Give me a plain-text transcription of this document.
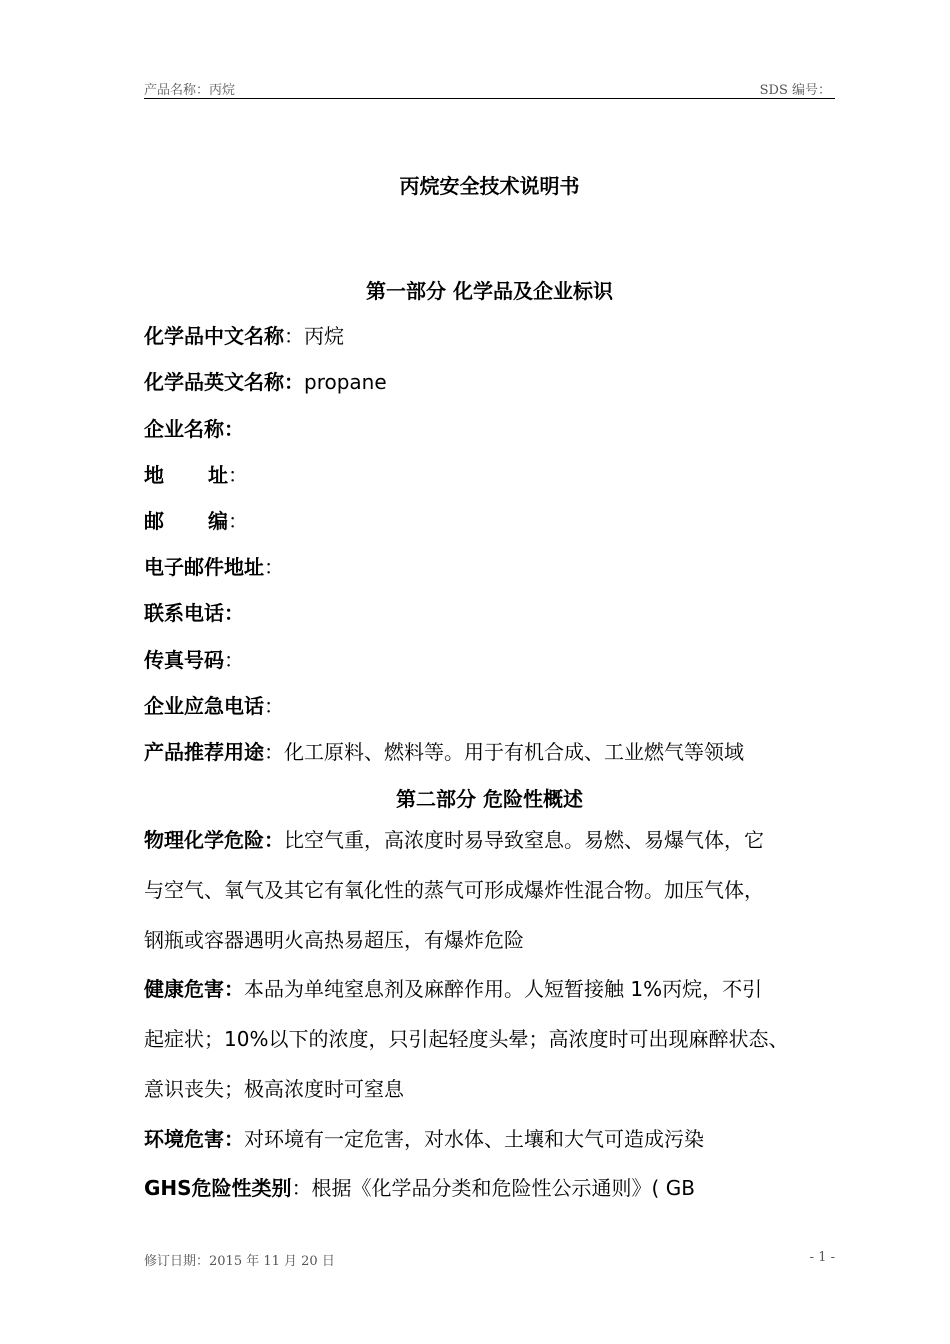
产品名称：丙烷	SDS 编号：
丙烷安全技术说明书
第一部分 化学品及企业标识
化学品中文名称：丙烷
化学品英文名称：propane
企业名称：
地 址：
邮 编：
电子邮件地址：
联系电话：
传真号码：
企业应急电话：
产品推荐用途：化工原料、燃料等。用于有机合成、工业燃气等领域
第二部分 危险性概述
物理化学危险：比空气重，高浓度时易导致窒息。易燃、易爆气体，它
与空气、氧气及其它有氧化性的蒸气可形成爆炸性混合物。加压气体，
钢瓶或容器遇明火高热易超压，有爆炸危险
健康危害：本品为单纯窒息剂及麻醉作用。人短暂接触 1%丙烷，不引
起症状；10%以下的浓度，只引起轻度头晕；高浓度时可出现麻醉状态、
意识丧失；极高浓度时可窒息
环境危害：对环境有一定危害，对水体、土壤和大气可造成污染
GHS危险性类别：根据《化学品分类和危险性公示通则》( GB
修订日期：2015 年 11 月 20 日	- 1 -
